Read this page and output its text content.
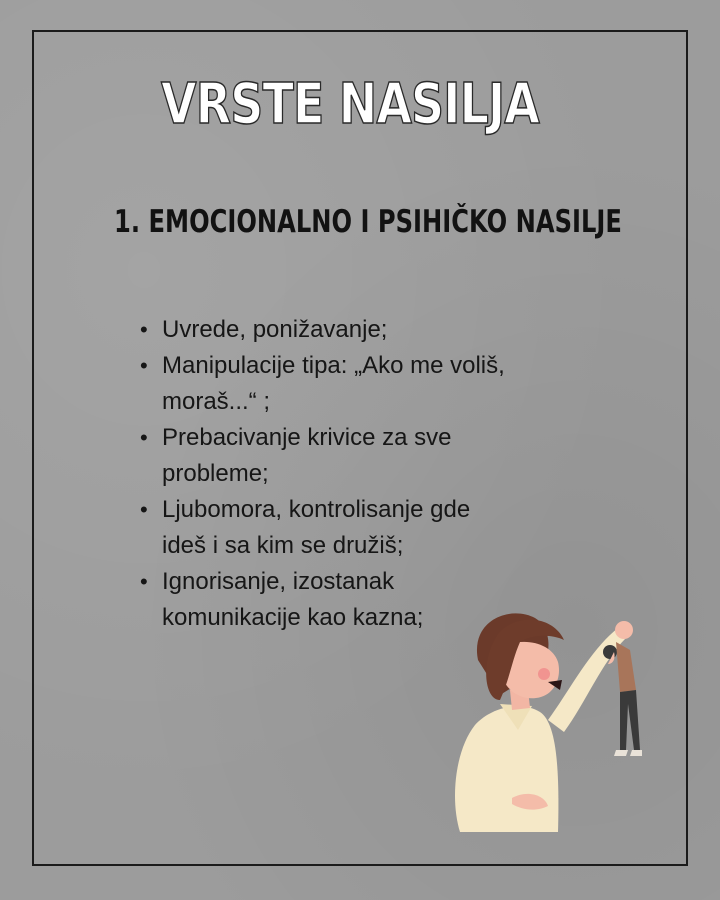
VRSTE NASILJA
1. EMOCIONALNO I PSIHIČKO NASILJE
• Uvrede, ponižavanje;
• Manipulacije tipa: „Ako me voliš, moraš...“ ;
• Prebacivanje krivice za sve probleme;
• Ljubomora, kontrolisanje gde ideš i sa kim se družiš;
• Ignorisanje, izostanak komunikacije kao kazna;
